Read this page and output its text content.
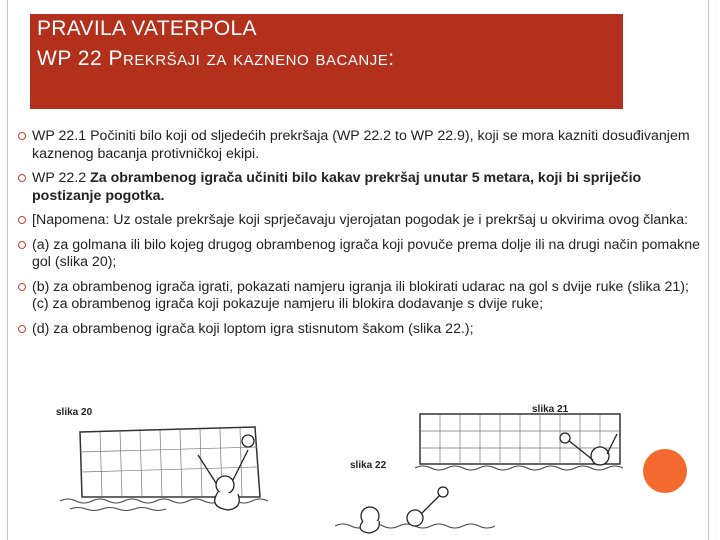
PRAVILA VATERPOLA
WP 22 Prekršaji za kazneno bacanje:
WP 22.1 Počiniti bilo koji od sljedećih prekršaja (WP 22.2 to WP 22.9), koji se mora kazniti dosuđivanjem kaznenog bacanja protivničkoj ekipi.
WP 22.2 Za obrambenog igrača učiniti bilo kakav prekršaj unutar 5 metara, koji bi spriječio postizanje pogotka.
[Napomena: Uz ostale prekršaje koji sprječavaju vjerojatan pogodak je i prekršaj u okvirima ovog članka:
(a) za golmana ili bilo kojeg drugog obrambenog igrača koji povuče prema dolje ili na drugi način pomakne gol (slika 20);
(b) za obrambenog igrača igrati, pokazati namjeru igranja ili blokirati udarac na gol s dvije ruke (slika 21); (c) za obrambenog igrača koji pokazuje namjeru ili blokira dodavanje s dvije ruke;
(d) za obrambenog igrača koji loptom igra stisnutom šakom (slika 22.);
slika 20	slika 21
slika 22
